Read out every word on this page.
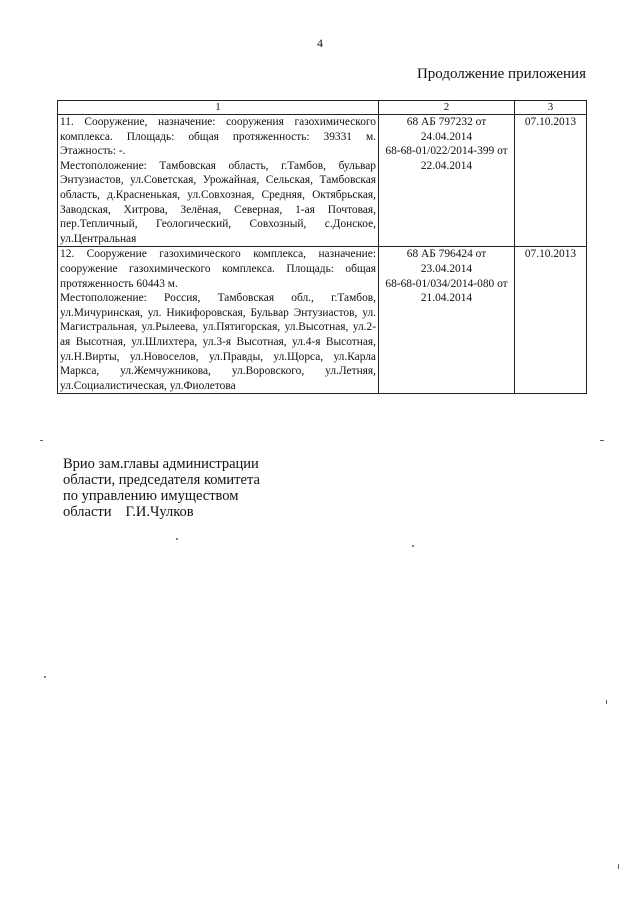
4
Продолжение приложения
1	2	3

11. Сооружение, назначение: сооружения газохимического комплекса. Площадь: общая протяженность: 39331 м. Этажность: -.
Местоположение: Тамбовская область, г.Тамбов, бульвар Энтузиастов, ул.Советская, Урожайная, Сельская, Тамбовская область, д.Красненькая, ул.Совхозная, Средняя, Октябрьская, Заводская, Хитрова, Зелёная, Северная, 1-ая Почтовая, пер.Тепличный, Геологический, Совхозный, с.Донское, ул.Центральная	68 АБ 797232 от 24.04.2014
68-68-01/022/2014-399 от 22.04.2014	07.10.2013

12. Сооружение газохимического комплекса, назначение: сооружение газохимического комплекса. Площадь: общая протяженность 60443 м.
Местоположение: Россия, Тамбовская обл., г.Тамбов, ул.Мичуринская, ул. Никифоровская, Бульвар Энтузиастов, ул. Магистральная, ул.Рылеева, ул.Пятигорская, ул.Высотная, ул.2-ая Высотная, ул.Шлихтера, ул.3-я Высотная, ул.4-я Высотная, ул.Н.Вирты, ул.Новоселов, ул.Правды, ул.Щорса, ул.Карла Маркса, ул.Жемчужникова, ул.Воровского, ул.Летняя, ул.Социалистическая, ул.Фиолетова	68 АБ 796424 от 23.04.2014
68-68-01/034/2014-080 от 21.04.2014	07.10.2013
Врио зам.главы администрации
области, председателя комитета
по управлению имуществом
области Г.И.Чулков
